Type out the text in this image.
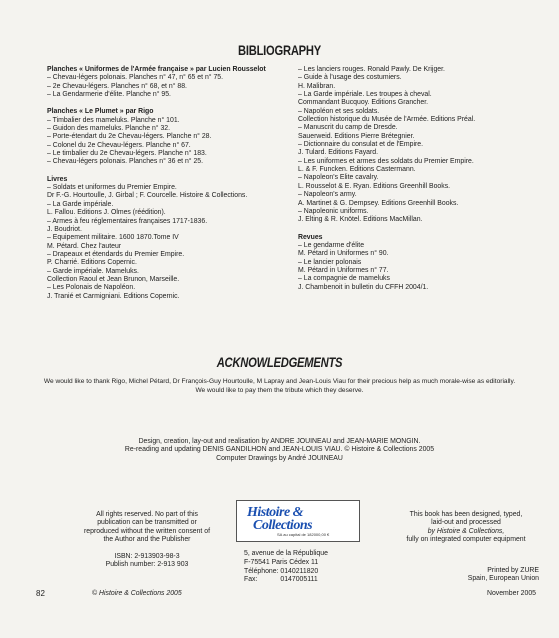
BIBLIOGRAPHY
Planches « Uniformes de l'Armée française » par Lucien Rousselot
– Chevau-légers polonais. Planches n° 47, n° 65 et n° 75.
– 2e Chevau-légers. Planches n° 68, et n° 88.
– La Gendarmerie d'élite. Planche n° 95.
Planches « Le Plumet » par Rigo
– Timbalier des mameluks. Planche n° 101.
– Guidon des mameluks. Planche n° 32.
– Porte-étendart du 2e Chevau-légers. Planche n° 28.
– Colonel du 2e Chevau-légers. Planche n° 67.
– Le timbalier du 2e Chevau-légers. Planche n° 183.
– Chevau-légers polonais. Planches n° 36 et n° 25.
Livres
– Soldats et uniformes du Premier Empire.
Dr F.-G. Hourtoulle, J. Girbal ; F. Courcelle. Histoire & Collections.
– La Garde impériale.
L. Fallou. Editions J. Olmes (réédition).
– Armes à feu réglementaires françaises 1717-1836.
J. Boudriot.
– Equipement militaire. 1600 1870.Tome IV
M. Pétard. Chez l'auteur
– Drapeaux et étendards du Premier Empire.
P. Charrié. Editions Copernic.
– Garde impériale. Mameluks.
Collection Raoul et Jean Brunon, Marseille.
– Les Polonais de Napoléon.
J. Tranié et Carmigniani. Editions Copernic.
– Les lanciers rouges. Ronald Pawly. De Krijger.
– Guide à l'usage des costumiers.
H. Malibran.
– La Garde impériale. Les troupes à cheval.
Commandant Bucquoy. Editions Grancher.
– Napoléon et ses soldats.
Collection historique du Musée de l'Armée. Editions Préal.
– Manuscrit du camp de Dresde.
Sauerweid. Editions Pierre Brétegnier.
– Dictionnaire du consulat et de l'Empire.
J. Tulard. Editions Fayard.
– Les uniformes et armes des soldats du Premier Empire.
L. & F. Funcken. Editions Castermann.
– Napoleon's Elite cavalry.
L. Rousselot & E. Ryan. Editions Greenhill Books.
– Napoleon's army.
A. Martinet & G. Dempsey. Editions Greenhill Books.
– Napoleonic uniforms.
J. Elting & R. Knötel. Editions MacMillan.
Revues
– Le gendarme d'élite
M. Pétard in Uniformes n° 90.
– Le lancier polonais
M. Pétard in Uniformes n° 77.
– La compagnie de mameluks
J. Chambenoit in bulletin du CFFH 2004/1.
ACKNOWLEDGEMENTS
We would like to thank Rigo, Michel Pétard, Dr François-Guy Hourtoulle, M Lapray and Jean-Louis Viau for their precious help as much morale-wise as editorially.
We would like to pay them the tribute which they deserve.
Design, creation, lay-out and realisation by ANDRE JOUINEAU and JEAN-MARIE MONGIN.
Re-reading and updating DENIS GANDILHON and JEAN-LOUIS VIAU. © Histoire & Collections 2005
Computer Drawings by André JOUINEAU
All rights reserved. No part of this
publication can be transmitted or
reproduced without the written consent of
the Author and the Publisher
ISBN: 2-913903-98-3
Publish number: 2-913 903
Histoire &
Collections
SA au capital de 182000,00 €
5, avenue de la République
F-75541 Paris Cédex 11
Téléphone: 0140211820
Fax:            0147005111
This book has been designed, typed,
laid-out and processed
by Histoire & Collections,
fully on integrated computer equipment
Printed by ZURE
Spain, European Union
82	© Histoire & Collections 2005	November 2005
